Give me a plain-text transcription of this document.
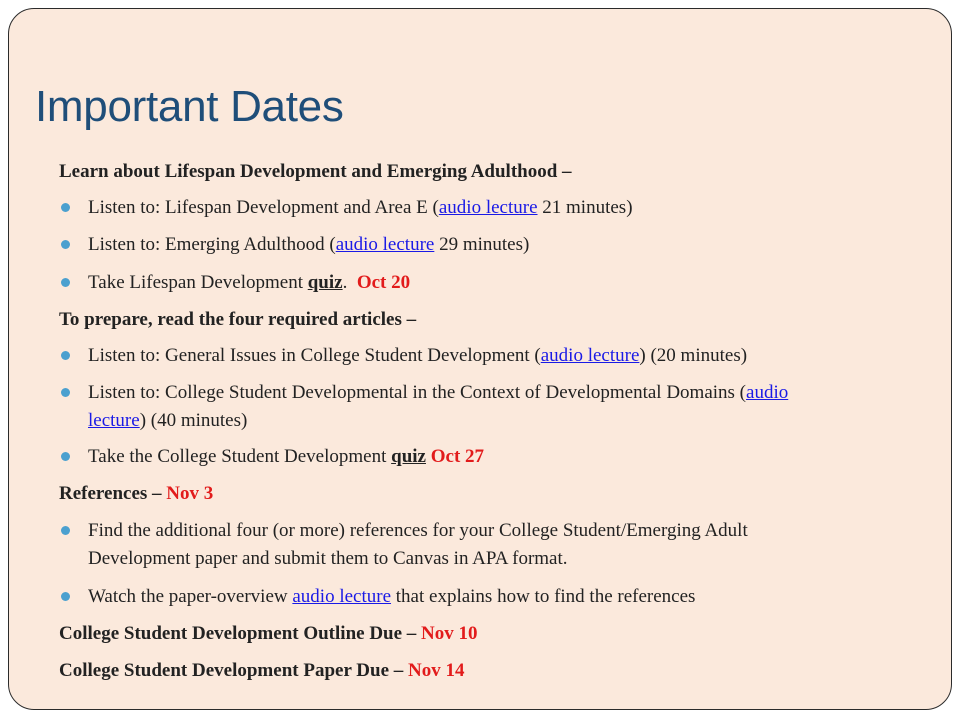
Important Dates
Learn about Lifespan Development and Emerging Adulthood –
Listen to: Lifespan Development and Area E (audio lecture 21 minutes)
Listen to: Emerging Adulthood (audio lecture 29 minutes)
Take Lifespan Development quiz.  Oct 20
To prepare, read the four required articles –
Listen to: General Issues in College Student Development (audio lecture) (20 minutes)
Listen to: College Student Developmental in the Context of Developmental Domains (audio
lecture) (40 minutes)
Take the College Student Development quiz Oct 27
References – Nov 3
Find the additional four (or more) references for your College Student/Emerging Adult
Development paper and submit them to Canvas in APA format.
Watch the paper-overview audio lecture that explains how to find the references
College Student Development Outline Due – Nov 10
College Student Development Paper Due – Nov 14
